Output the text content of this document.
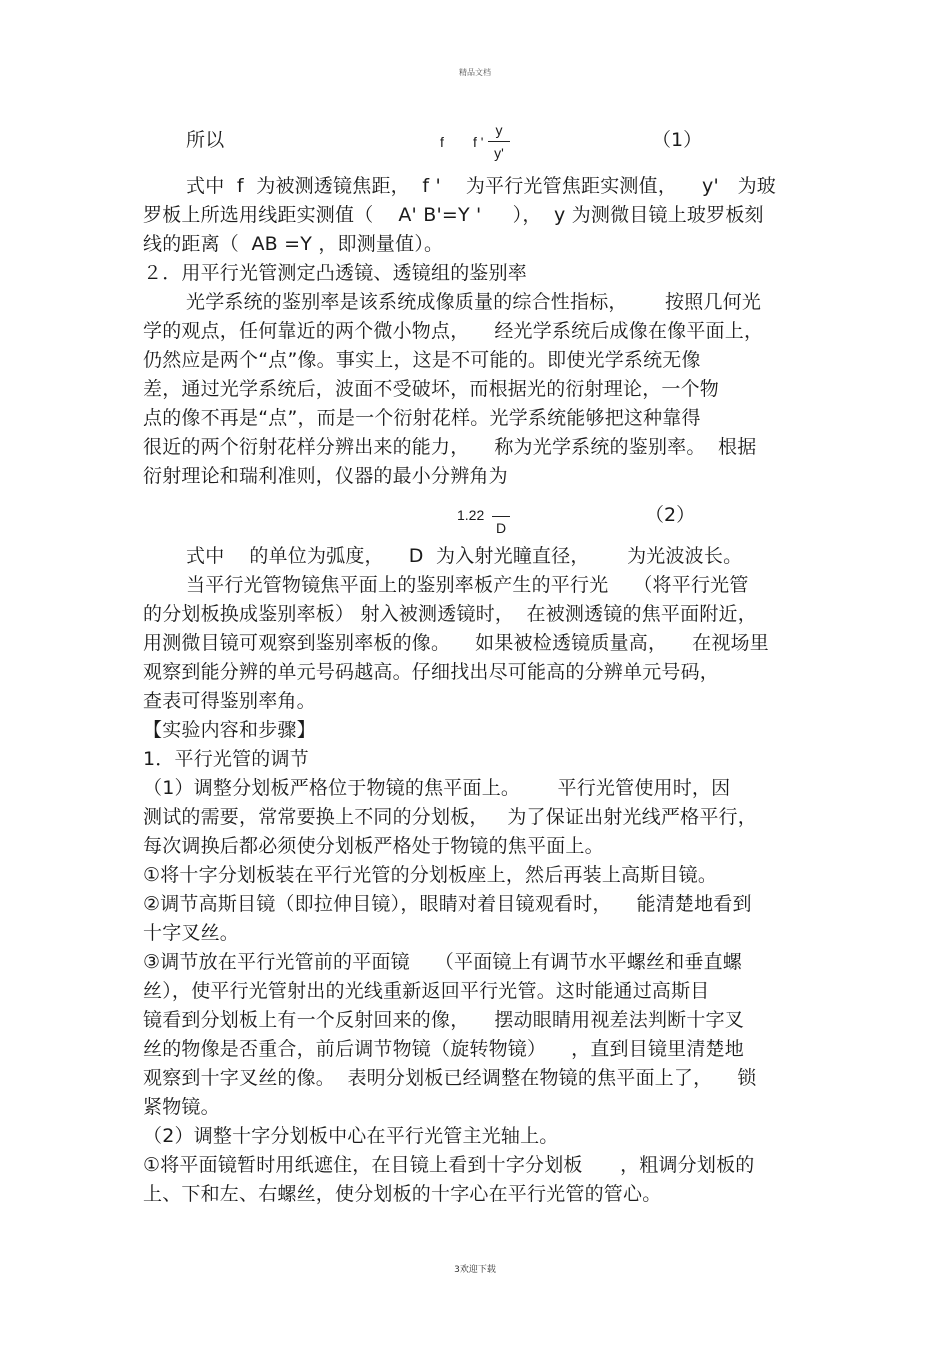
精品文档
所以	f f '
y
y'
（1）
式中  f  为被测透镜焦距，  f '    为平行光管焦距实测值，    y'   为玻
罗板上所选用线距实测值（    A' B'=Y '     ），  y 为测微目镜上玻罗板刻
线的距离（  AB =Y ，即测量值）。
２．用平行光管测定凸透镜、透镜组的鉴别率
光学系统的鉴别率是该系统成像质量的综合性指标，      按照几何光
学的观点，任何靠近的两个微小物点，    经光学系统后成像在像平面上，
仍然应是两个“点”像。事实上，这是不可能的。即使光学系统无像
差，通过光学系统后，波面不受破坏，而根据光的衍射理论，一个物
点的像不再是“点”，而是一个衍射花样。光学系统能够把这种靠得
很近的两个衍射花样分辨出来的能力，    称为光学系统的鉴别率。  根据
衍射理论和瑞利准则，仪器的最小分辨角为
1.22
D
（2）
式中    的单位为弧度，    D  为入射光瞳直径，      为光波波长。
当平行光管物镜焦平面上的鉴别率板产生的平行光    （将平行光管
的分划板换成鉴别率板） 射入被测透镜时，  在被测透镜的焦平面附近，
用测微目镜可观察到鉴别率板的像。    如果被检透镜质量高，    在视场里
观察到能分辨的单元号码越高。仔细找出尽可能高的分辨单元号码，
查表可得鉴别率角。
【实验内容和步骤】
1．平行光管的调节
（1）调整分划板严格位于物镜的焦平面上。      平行光管使用时，因
测试的需要，常常要换上不同的分划板，   为了保证出射光线严格平行，
每次调换后都必须使分划板严格处于物镜的焦平面上。
①将十字分划板装在平行光管的分划板座上，然后再装上高斯目镜。
②调节高斯目镜（即拉伸目镜），眼睛对着目镜观看时，    能清楚地看到
十字叉丝。
③调节放在平行光管前的平面镜    （平面镜上有调节水平螺丝和垂直螺
丝），使平行光管射出的光线重新返回平行光管。这时能通过高斯目
镜看到分划板上有一个反射回来的像，    摆动眼睛用视差法判断十字叉
丝的物像是否重合，前后调节物镜（旋转物镜）    ，直到目镜里清楚地
观察到十字叉丝的像。  表明分划板已经调整在物镜的焦平面上了，    锁
紧物镜。
（2）调整十字分划板中心在平行光管主光轴上。
①将平面镜暂时用纸遮住，在目镜上看到十字分划板      ，粗调分划板的
上、下和左、右螺丝，使分划板的十字心在平行光管的管心。
3欢迎下载
